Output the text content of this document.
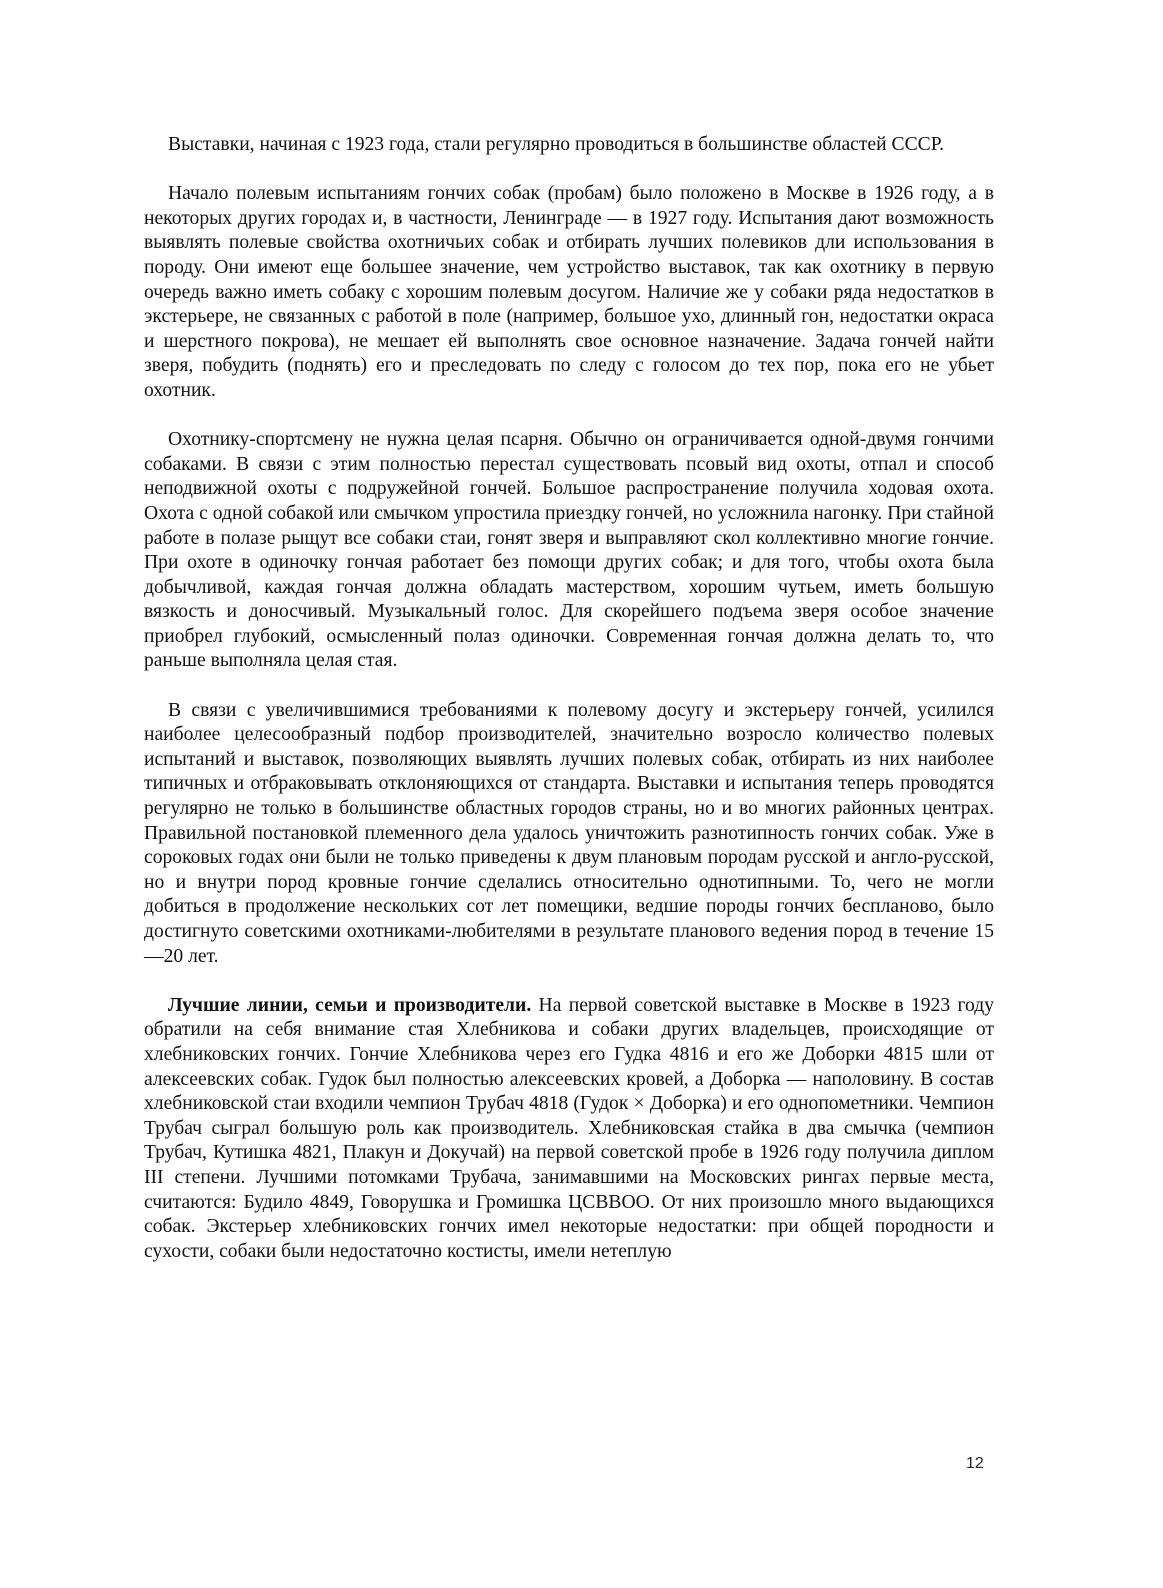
Выставки, начиная с 1923 года, стали регулярно проводиться в большинстве областей СССР.

Начало полевым испытаниям гончих собак (пробам) было положено в Москве в 1926 году, а в некоторых других городах и, в частности, Ленинграде — в 1927 году. Испытания дают возможность выявлять полевые свойства охотничьих собак и отбирать лучших полевиков дли использования в породу. Они имеют еще большее значение, чем устройство выставок, так как охотнику в первую очередь важно иметь собаку с хорошим полевым досугом. Наличие же у собаки ряда недостатков в экстерьере, не связанных с работой в поле (например, большое ухо, длинный гон, недостатки окраса и шерстного покрова), не мешает ей выполнять свое основное назначение. Задача гончей найти зверя, побудить (поднять) его и преследовать по следу с голосом до тех пор, пока его не убьет охотник.

Охотнику-спортсмену не нужна целая псарня. Обычно он ограничивается одной-двумя гончими собаками. В связи с этим полностью перестал существовать псовый вид охоты, отпал и способ неподвижной охоты с подружейной гончей. Большое распространение получила ходовая охота. Охота с одной собакой или смычком упростила приездку гончей, но усложнила нагонку. При стайной работе в полазе рыщут все собаки стаи, гонят зверя и выправляют скол коллективно многие гончие. При охоте в одиночку гончая работает без помощи других собак; и для того, чтобы охота была добычливой, каждая гончая должна обладать мастерством, хорошим чутьем, иметь большую вязкость и доносчивый. Музыкальный голос. Для скорейшего подъема зверя особое значение приобрел глубокий, осмысленный полаз одиночки. Современная гончая должна делать то, что раньше выполняла целая стая.

В связи с увеличившимися требованиями к полевому досугу и экстерьеру гончей, усилился наиболее целесообразный подбор производителей, значительно возросло количество полевых испытаний и выставок, позволяющих выявлять лучших полевых собак, отбирать из них наиболее типичных и отбраковывать отклоняющихся от стандарта. Выставки и испытания теперь проводятся регулярно не только в большинстве областных городов страны, но и во многих районных центрах. Правильной постановкой племенного дела удалось уничтожить разнотипность гончих собак. Уже в сороковых годах они были не только приведены к двум плановым породам русской и англо-русской, но и внутри пород кровные гончие сделались относительно однотипными. То, чего не могли добиться в продолжение нескольких сот лет помещики, ведшие породы гончих беспланово, было достигнуто советскими охотниками-любителями в результате планового ведения пород в течение 15—20 лет.

Лучшие линии, семьи и производители. На первой советской выставке в Москве в 1923 году обратили на себя внимание стая Хлебникова и собаки других владельцев, происходящие от хлебниковских гончих. Гончие Хлебникова через его Гудка 4816 и его же Доборки 4815 шли от алексеевских собак. Гудок был полностью алексеевских кровей, а Доборка — наполовину. В состав хлебниковской стаи входили чемпион Трубач 4818 (Гудок × Доборка) и его однопометники. Чемпион Трубач сыграл большую роль как производитель. Хлебниковская стайка в два смычка (чемпион Трубач, Кутишка 4821, Плакун и Докучай) на первой советской пробе в 1926 году получила диплом III степени. Лучшими потомками Трубача, занимавшими на Московских рингах первые места, считаются: Будило 4849, Говорушка и Громишка ЦСВВОО. От них произошло много выдающихся собак. Экстерьер хлебниковских гончих имел некоторые недостатки: при общей породности и сухости, собаки были недостаточно костисты, имели нетеплую

12
